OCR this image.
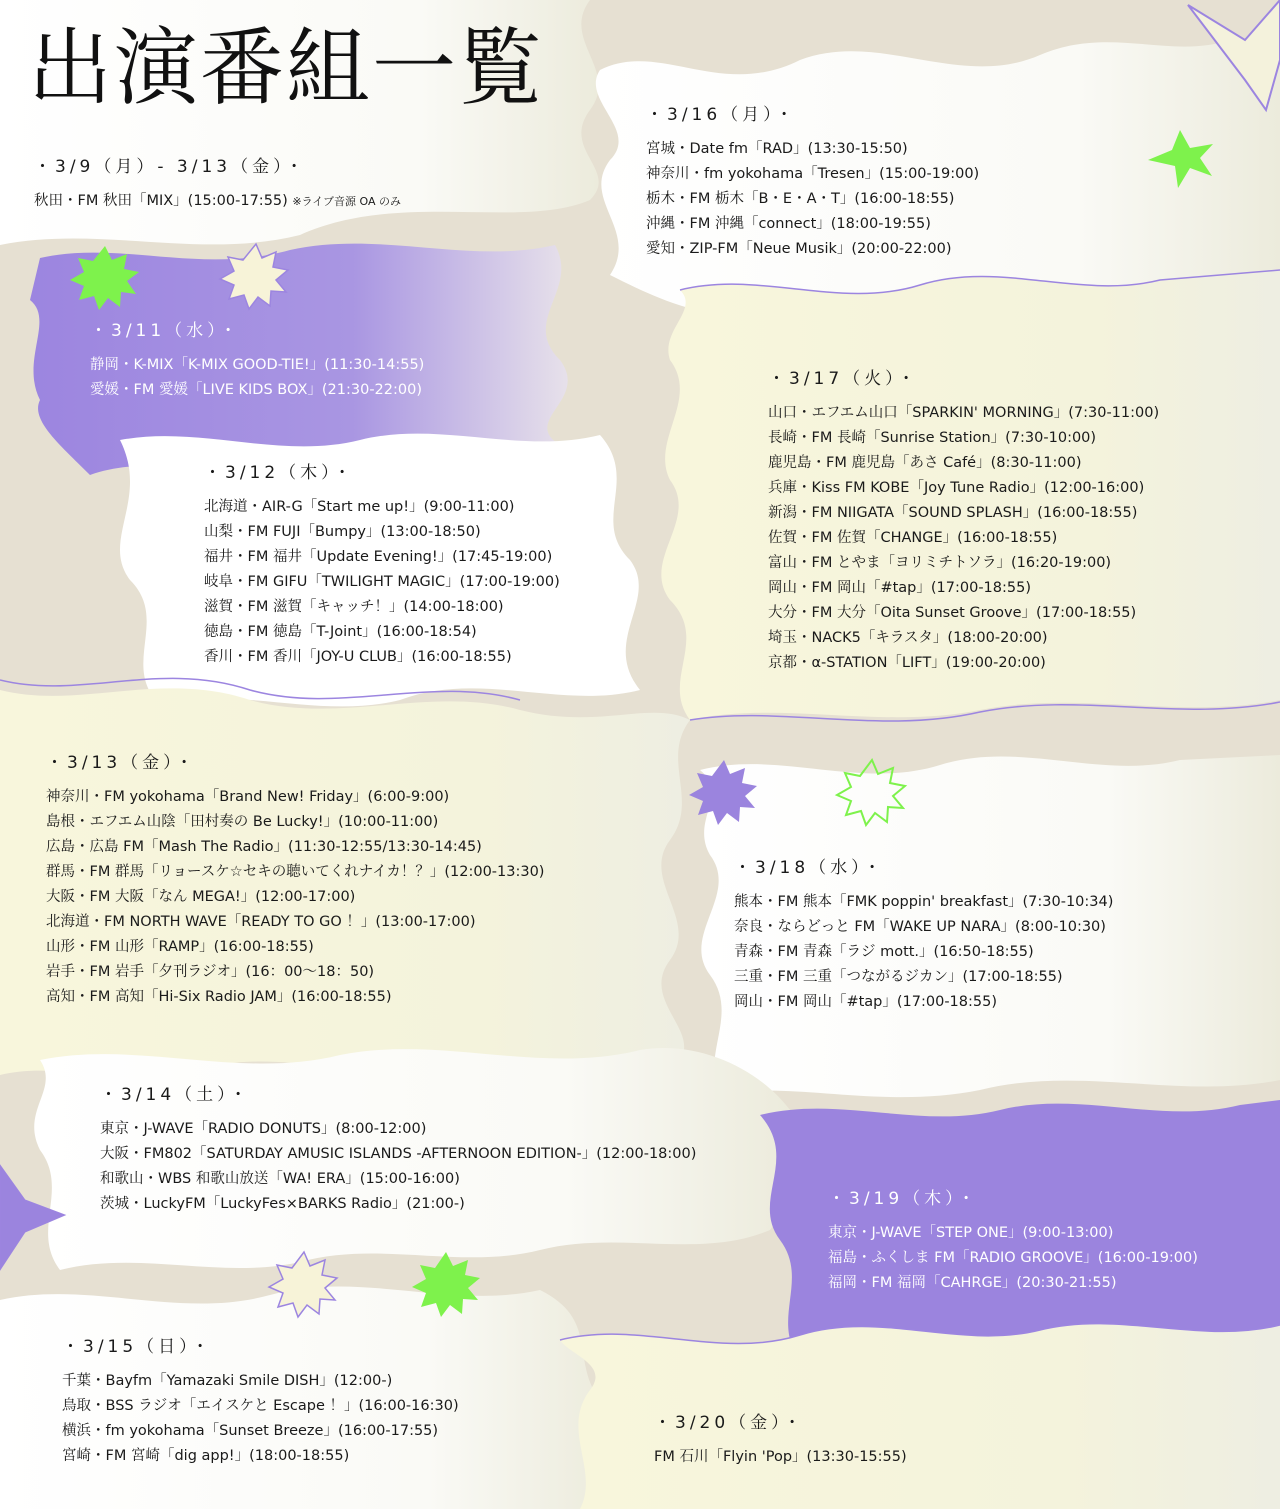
出演番組一覧
・3/9（月）- 3/13（金）・
秋田・FM 秋田「MIX」(15:00-17:55) ※ライブ音源 OA のみ
・3/11（水）・
静岡・K-MIX「K-MIX GOOD-TIE!」(11:30-14:55)
愛媛・FM 愛媛「LIVE KIDS BOX」(21:30-22:00)
・3/12（木）・
北海道・AIR-G「Start me up!」(9:00-11:00)
山梨・FM FUJI「Bumpy」(13:00-18:50)
福井・FM 福井「Update Evening!」(17:45-19:00)
岐阜・FM GIFU「TWILIGHT MAGIC」(17:00-19:00)
滋賀・FM 滋賀「キャッチ！」(14:00-18:00)
徳島・FM 徳島「T-Joint」(16:00-18:54)
香川・FM 香川「JOY-U CLUB」(16:00-18:55)
・3/13（金）・
神奈川・FM yokohama「Brand New! Friday」(6:00-9:00)
島根・エフエム山陰「田村奏の Be Lucky!」(10:00-11:00)
広島・広島 FM「Mash The Radio」(11:30-12:55/13:30-14:45)
群馬・FM 群馬「リョースケ☆セキの聴いてくれナイカ！？」(12:00-13:30)
大阪・FM 大阪「なん MEGA!」(12:00-17:00)
北海道・FM NORTH WAVE「READY TO GO ！」(13:00-17:00)
山形・FM 山形「RAMP」(16:00-18:55)
岩手・FM 岩手「夕刊ラジオ」(16：00〜18：50)
高知・FM 高知「Hi-Six Radio JAM」(16:00-18:55)
・3/14（土）・
東京・J-WAVE「RADIO DONUTS」(8:00-12:00)
大阪・FM802「SATURDAY AMUSIC ISLANDS -AFTERNOON EDITION-」(12:00-18:00)
和歌山・WBS 和歌山放送「WA! ERA」(15:00-16:00)
茨城・LuckyFM「LuckyFes×BARKS Radio」(21:00-)
・3/15（日）・
千葉・Bayfm「Yamazaki Smile DISH」(12:00-)
鳥取・BSS ラジオ「エイスケと Escape ！」(16:00-16:30)
横浜・fm yokohama「Sunset Breeze」(16:00-17:55)
宮崎・FM 宮崎「dig app!」(18:00-18:55)
・3/16（月）・
宮城・Date fm「RAD」(13:30-15:50)
神奈川・fm yokohama「Tresen」(15:00-19:00)
栃木・FM 栃木「B・E・A・T」(16:00-18:55)
沖縄・FM 沖縄「connect」(18:00-19:55)
愛知・ZIP-FM「Neue Musik」(20:00-22:00)
・3/17（火）・
山口・エフエム山口「SPARKIN' MORNING」(7:30-11:00)
長崎・FM 長崎「Sunrise Station」(7:30-10:00)
鹿児島・FM 鹿児島「あさ Café」(8:30-11:00)
兵庫・Kiss FM KOBE「Joy Tune Radio」(12:00-16:00)
新潟・FM NIIGATA「SOUND SPLASH」(16:00-18:55)
佐賀・FM 佐賀「CHANGE」(16:00-18:55)
富山・FM とやま「ヨリミチトソラ」(16:20-19:00)
岡山・FM 岡山「#tap」(17:00-18:55)
大分・FM 大分「Oita Sunset Groove」(17:00-18:55)
埼玉・NACK5「キラスタ」(18:00-20:00)
京都・α-STATION「LIFT」(19:00-20:00)
・3/18（水）・
熊本・FM 熊本「FMK poppin' breakfast」(7:30-10:34)
奈良・ならどっと FM「WAKE UP NARA」(8:00-10:30)
青森・FM 青森「ラジ mott.」(16:50-18:55)
三重・FM 三重「つながるジカン」(17:00-18:55)
岡山・FM 岡山「#tap」(17:00-18:55)
・3/19（木）・
東京・J-WAVE「STEP ONE」(9:00-13:00)
福島・ふくしま FM「RADIO GROOVE」(16:00-19:00)
福岡・FM 福岡「CAHRGE」(20:30-21:55)
・3/20（金）・
FM 石川「Flyin 'Pop」(13:30-15:55)
